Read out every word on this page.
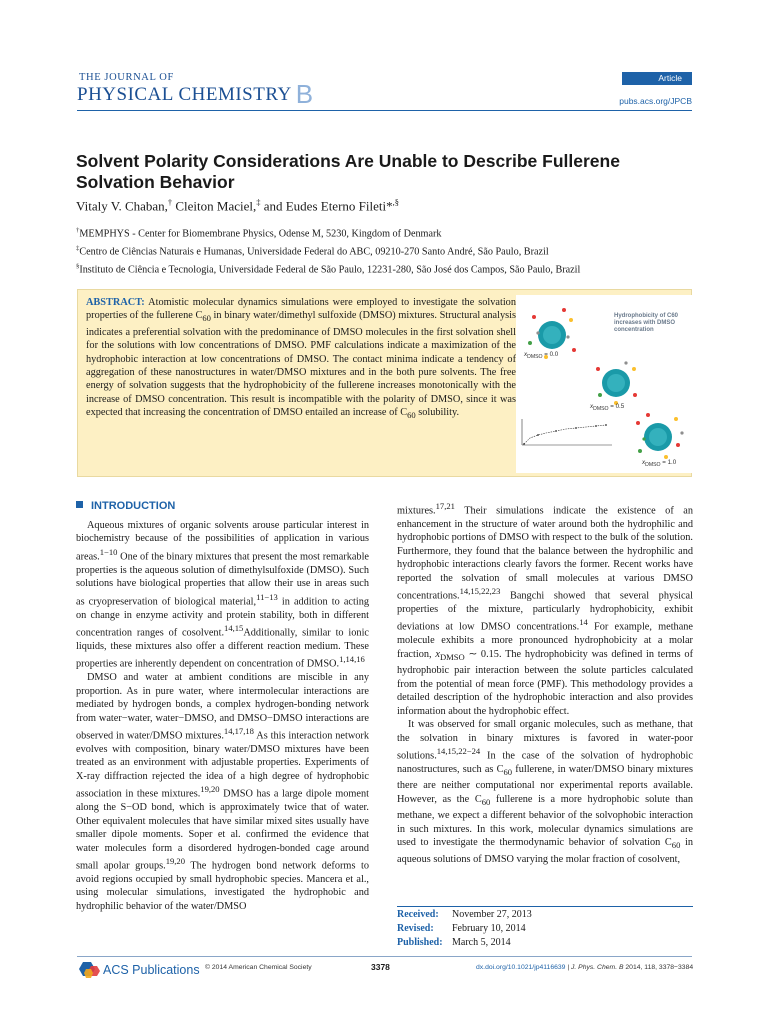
THE JOURNAL OF
PHYSICAL CHEMISTRY B
Article
pubs.acs.org/JPCB
Solvent Polarity Considerations Are Unable to Describe Fullerene Solvation Behavior
Vitaly V. Chaban,† Cleiton Maciel,‡ and Eudes Eterno Fileti*,§
†MEMPHYS - Center for Biomembrane Physics, Odense M, 5230, Kingdom of Denmark
‡Centro de Ciências Naturais e Humanas, Universidade Federal do ABC, 09210-270 Santo André, São Paulo, Brazil
§Instituto de Ciência e Tecnologia, Universidade Federal de São Paulo, 12231-280, São José dos Campos, São Paulo, Brazil
ABSTRACT: Atomistic molecular dynamics simulations were employed to investigate the solvation properties of the fullerene $C_{60}$ in binary water/dimethyl sulfoxide (DMSO) mixtures. Structural analysis indicates a preferential solvation with the predominance of DMSO molecules in the first solvation shell for the solutions with low concentrations of DMSO. PMF calculations indicate a maximization of the hydrophobic interaction at low concentrations of DMSO. The contact minima indicate a tendency of aggregation of these nanostructures in water/DMSO mixtures and in the both pure solvents. The free energy of solvation suggests that the hydrophobicity of the fullerene increases monotonically with the increase of DMSO concentration. This result is incompatible with the polarity of DMSO, since it was expected that increasing the concentration of DMSO entailed an increase of $C_{60}$ solubility.
Hydrophobicity of C60 increases with DMSO concentration
$x_{DMSO} = 0.0$
$x_{DMSO} = 0.5$
$x_{DMSO} = 1.0$
INTRODUCTION

Aqueous mixtures of organic solvents arouse particular interest in biochemistry because of the possibilities of application in various areas.$^{1-10}$ One of the binary mixtures that present the most remarkable properties is the aqueous solution of dimethylsulfoxide (DMSO). Such solutions have biological properties that allow their use in areas such as cryopreservation of biological material,$^{11-13}$ in addition to acting on change in enzyme activity and protein stability, both in different concentration ranges of cosolvent.$^{14,15}$Additionally, similar to ionic liquids, these mixtures also offer a different reaction medium. These properties are inherently dependent on concentration of DMSO.$^{1,14,16}$

DMSO and water at ambient conditions are miscible in any proportion. As in pure water, where intermolecular interactions are mediated by hydrogen bonds, a complex hydrogen-bonding network from water−water, water−DMSO, and DMSO−DMSO interactions are observed in water/DMSO mixtures.$^{14,17,18}$ As this interaction network evolves with composition, binary water/DMSO mixtures have been treated as an environment with adjustable properties. Experiments of X-ray diffraction rejected the idea of a high degree of hydrophobic association in these mixtures.$^{19,20}$ DMSO has a large dipole moment along the S−OD bond, which is approximately twice that of water. Other equivalent molecules that have similar mixed sites usually have smaller dipole moments. Soper et al. confirmed the evidence that water molecules form a disordered hydrogen-bonded cage around small apolar groups.$^{19,20}$ The hydrogen bond network deforms to avoid regions occupied by small hydrophobic species. Mancera et al., using molecular simulations, investigated the hydrophobic and hydrophilic behavior of the water/DMSO

mixtures.$^{17,21}$ Their simulations indicate the existence of an enhancement in the structure of water around both the hydrophilic and hydrophobic portions of DMSO with respect to the bulk of the solution. Furthermore, they found that the balance between the hydrophilic and hydrophobic interactions clearly favors the former. Recent works have reported the solvation of small molecules at various DMSO concentrations.$^{14,15,22,23}$ Bangchi showed that several physical properties of the mixture, particularly hydrophobicity, exhibit deviations at low DMSO concentrations.$^{14}$ For example, methane molecule exhibits a more pronounced hydrophobicity at a molar fraction, $x_{DMSO}$ ∼ 0.15. The hydrophobicity was defined in terms of hydrophobic pair interaction between the solute particles calculated from the potential of mean force (PMF). This methodology provides a detailed description of the hydrophobic interaction and also provides information about the hydrophobic effect.

It was observed for small organic molecules, such as methane, that the solvation in binary mixtures is favored in water-poor solutions.$^{14,15,22-24}$ In the case of the solvation of hydrophobic nanostructures, such as $C_{60}$ fullerene, in water/DMSO binary mixtures there are neither computational nor experimental reports available. However, as the $C_{60}$ fullerene is a more hydrophobic solute than methane, we expect a different behavior of the solvophobic interaction in such mixtures. In this work, molecular dynamics simulations are used to investigate the thermodynamic behavior of solvation $C_{60}$ in aqueous solutions of DMSO varying the molar fraction of cosolvent,

Received:	November 27, 2013
Revised:	February 10, 2014
Published: March 5, 2014
ACS Publications © 2014 American Chemical Society	3378	dx.doi.org/10.1021/jp4116639 | J. Phys. Chem. B 2014, 118, 3378−3384
